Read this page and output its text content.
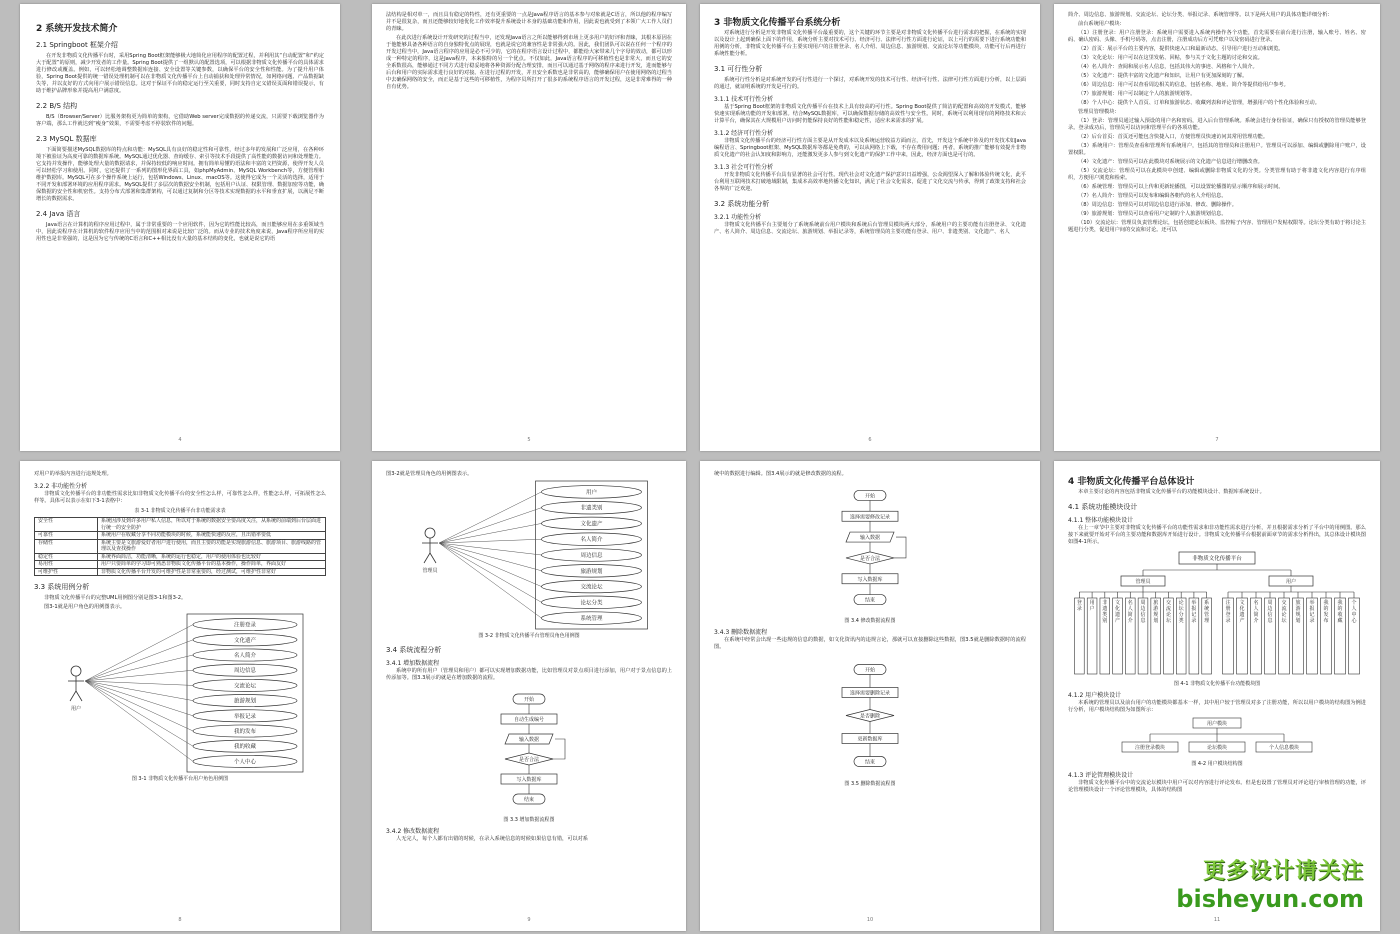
2 系统开发技术简介
2.1 Springboot 框架介绍
在开发非物质文化传播平台时，采用Spring Boot框架能够极大地简化应用程序的配置过程，并利用其“自动配置”和“约定大于配置”的原则，减少开发者的工作量。Spring Boot提供了一组默认的配置选项，可以根据非物质文化传播平台的具体需求进行修改或覆盖。例如，可以轻松地调整数据库连接、安全设置等关键参数，以确保平台的安全性和性能。为了提升用户体验，Spring Boot提供的统一错误处理机制可以在非物质文化传播平台上自动捕获和处理异常情况，如网络问题、产品数据缺失等，并以友好的方式向用户展示错误信息。这对于保证平台的稳定运行至关重要，同时支持自定义错误页面和错误提示，有助于维护品牌形象并提高用户满意度。
2.2 B/S 结构
B/S（Browser/Server）比服务架构更为简单的架构，它借助Web server完成数据的传递交流，只需要下载浏览器作为客户端，那么工作就达到“瘦身”效果，不需要考虑不停装软件的问题。
2.3 MySQL 数据库
下面简要描述MySQL数据库的特点和功能：MySQL具有良好的稳定性和可靠性，经过多年的发展和广泛应用，在各种环境下被验证为高度可靠的数据库系统。MySQL通过优化器、查询缓存、索引等技术手段提供了高性能的数据访问和处理能力。它支持并发操作，能够处理大量的数据请求，并保持较低的响应时间。拥有简单易懂的语法和丰富的文档资源，使得开发人员可以轻松学习和使用。同时，它还提供了一系列的图形化界面工具，如phpMyAdmin、MySQL Workbench等，方便管理和维护数据库。MySQL可在多个操作系统上运行，包括Windows、Linux、macOS等。这使得它成为一个灵活的选择，适用于不同开发和部署环境的应用程序需求。MySQL提供了多层次的数据安全机制，包括用户认证、权限管理、数据加密等功能，确保数据的安全性和机密性。支持分布式部署和集群架构，可以通过复制和分区等技术实现数据的水平和垂直扩展，以满足不断增长的数据需求。
2.4 Java 语言
Java语言在计算机的程序应用过程中，属于非常重要的一个应用软件，因为它的性能比较高，而且能够应用在多重领域当中，因此说程序在计算机的软件程序应用当中的范围相对来说是比较广泛的。而从专业的技术角度来说，Java程序所应用的实用性也是非常强的，这是因为它与传统的C语言和C++相比没有大量的基本结构的变化，也就是说它的语
4
法结构是相对单一，而且具有稳定的特性，还有更重要的一点是Java程序语言的基本参与对象就是C语言，所以他的程序编写并不是很复杂，而且还能够较好地优化工作效率提升系统设计本身的基础功能和作用，因此说也就受到了本领广大工作人员们的青睐。
在此次进行系统设计开发研究的过程当中，还发现Java语言之所以能够得到市场上更多用户的好评和青睐，其根本原因在于他能够具备各种语言的自身独特优点的展现，也就是说它的兼容性是非常强大的。因此，我们团队可以说在任何一个程序的开发过程当中，Java语言程序的应用是必不可少的，它的在程序语言设计过程中，都能给大家带来几个字母的效动，都可以形成一种特定的程序，这是Java程序，本来独特的另一个优点。不仅如此，Java语言程序的可移植性也是非常大，而且它的安全系数很高，能够通过不同方式进行稳妥地将各种资源分配合理安排，而且可以通过基于网络的程序来进行开发，进而能够与后台和用户的实际需求进行良好的对接。在进行过程的开发，并且安全系数也是非常高的，能够确保用户在使用网络的过程当中去确保网络的安全，而正是基于这些的可移植性，为程序员所打开了很多的系统程序语言的开发过程，这是非常难得的一种自有优势。
5
3 非物质文化传播平台系统分析
对系统进行分析是开发非物质文化传播平台最重要的，这个关键的环节主要是对非物质文化传播平台进行需求的把握，在系统的实现以及设计上起到确保上面下的作用，系统分析主要对技术可行、经济可行、法律可行性方面进行论证，以上可行的需要下进行系统功能和用例的分析，非物质文化传播平台主要实现用户的注册登录、名人介绍、周边信息、旅游规划、交流论坛等功能模块，功能可行后再进行系统性能分析。
3.1 可行性分析
系统可行性分析是对系统开发的可行性进行一个探讨，对系统开发的技术可行性、经济可行性、法律可行性方面进行分析，以上层面的通过，就证明系统的开发是可行的。
3.1.1 技术可行性分析
基于Spring Boot框架的非物质文化传播平台在技术上具有较高的可行性。Spring Boot提供了简洁的配置和高效的开发模式，能够快速实现系统功能的开发和部署。结合MySQL数据库，可以确保数据存储的高效性与安全性。同时，系统可以利用现有的网络技术和云计算平台，确保其在大规模用户访问时仍能保持良好的性能和稳定性，适应未来需求的扩展。
3.1.2 经济可行性分析
非物质文化传播平台的经济可行性方面主要是从开发成本以及系统运营收益方面而言，首先，开发这个系统中涉及的开发技术如Java编程语言、Springboot框架、MySQL数据库等都是免费的，可以从网络上下载，不存在费用问题；再者，系统的推广能够有效提升非物质文化遗产的社会认知度和影响力，还能激发更多人参与到文化遗产的保护工作中来，因此，经济方面也是可行的。
3.1.3 社会可行性分析
开发非物质文化传播平台具有显著的社会可行性。现代社会对文化遗产保护意识日益增强，公众渴望深入了解和体验传统文化，此平台利用互联网技术打破地域限制，集成本高效率地传播文化知识，满足了社会文化需求，促进了文化交流与传承，得到了政策支持和社会各界的广泛欢迎。
3.2 系统功能分析
3.2.1 功能性分析
非物质文化传播平台主要划分了系统系统前台用户模块和系统后台管理员模块两大部分，系统用户的主要功能有注册登录、文化遗产、名人简介、周边信息、交流论坛、旅游规划、举报记录等，系统管理员的主要功能有登录、用户、非遗类别、文化遗产、名人
6
简介、周边信息、旅游规划、交流论坛、论坛分类、举报记录、系统管理等。以下是两大用户的具体功能详细分析：
前台系统用户模块：
（1）注册登录：用户注册登录：系统用户需要进入系统内操作各个功能，首先需要在前台进行注册，输入账号、姓名、密码、确认密码、头像、手机号码等，点击注册，注册成功后方可凭账户以及密码进行登录。
（2）首页：展示平台的主要内容，提供快速入口和最新动态，引导用户进行互动和浏览。
（3）文化论坛：用户可以在这里发帖、回帖，参与关于文化主题的讨论和交流。
（4）名人简介：查阅和展示名人信息，包括其伟大的事迹、风格和个人简介。
（5）文化遗产：提供丰富的文化遗产和知识，让用户有更加深刻的了解。
（6）周边信息：用户可以查看周边相关的信息，包括名称、地址、简介等提供给用户参考。
（7）旅游规划：用户可以制定个人的旅游规划等。
（8）个人中心：提供个人首页、订单和旅游状态、收藏列表和评论管理，增强用户的个性化体验和互动。
管理员管理模块：
（1）登录：管理员通过输入预设的用户名和密码，进入后台管理系统。系统会进行身份验证，确保只有授权的管理员能够登录。登录成功后，管理员可以访问和管理平台的各项功能。
（2）后台首页：首页还可能包含快捷入口，方便管理员快速访问其常用管理功能。
（3）系统用户：管理员查看和管理所有系统用户，包括其的管理员和注册用户。管理员可以添加、编辑或删除用户账户，设置权限。
（4）文化遗产：管理员可以在此模块对系统展示的文化遗产信息进行增删改查。
（5）交流论坛：管理员可以在此模块中创建、编辑或删除非物质文化的分类。分类管理有助于将非遗文化内容进行有序组织，方便用户浏览和检索。
（6）系统管理：管理员可以上传和更新轮播图，可以设置轮播图的显示顺序和展示时间。
（7）名人简介：管理员可以发布和编辑各朝代的名人介绍信息。
（8）周边信息：管理员可以对周边信息进行添加、修改、删除操作。
（9）旅游规划：管理员可以查看用户定制的个人旅游规划信息。
（10）交流论坛：管理员负责管理论坛，包括创建论坛板块、监控帖子内容、管理用户发帖权限等。论坛分类有助于将讨论主题进行分类，促进用户间的交流和讨论。还可以
7
对用户的举报内容进行违规处理。
3.2.2 非功能性分析
非物质文化传播平台的非功能性需求比如非物质文化传播平台的安全性怎么样，可靠性怎么样，性能怎么样，可拓展性怎么样等。具体可以表示在如下3-1表格中：
表 3-1 非物质文化传播平台非功能需求表
安全性	系统因涉及到许多用户私人信息，所以对于系统的数据安全要高度关注，从系统的前端到后台层面进行统一的安全防护
可靠性	系统用户在收藏分享不同功能模块的时候，系统能快速的反应，且出错率要低
存储性	系统主要是文旅游爱好者用户进行使用，而且主要的功能是实现旅游信息、旅游项目、旅游线路的管理以及查找操作
稳定性	系统界面简洁，功能清晰，系统的运行也稳定，用户的使用体验也比较好
易用性	用户只要简单的学习即可熟悉非物质文化传播平台的基本操作，操作简单，界面友好
可维护性	非物质文化传播平台开发的可维护性是非常重要的，经过测试，可维护性非常好
3.3 系统用例分析
非物质文化传播平台的完整UML用例图分别是图3-1和图3-2。
图3-1就是用户角色的用例图表示。
用户
注册登录
文化遗产
名人简介
周边信息
交流论坛
旅游规划
举报记录
我的发布
我的收藏
个人中心
图 3-1 非物质文化传播平台用户角色用例图
8
图3-2就是管理员角色的用例图表示。
管理员
用户
非遗类别
文化遗产
名人简介
周边信息
旅游规划
交流论坛
论坛分类
系统管理
图 3-2 非物质文化传播平台管理员角色用例图
3.4 系统流程分析
3.4.1 增加数据流程
系统中的所有用户（管理员和用户）都可以实现增加数据功能，比如管理员对景点项目进行添加，用户对于景点信息的上传添加等。图3.3展示的就是在增加数据的流程。
开始
自动生成编号
输入数据
是否合法
写入数据库
结束
图 3.3 增加数据流程图
3.4.2 修改数据流程
人无完人，每个人都有出错的时候，在录入系统信息的时候如果信息有错，可以对系
9
统中的数据进行编辑。图3.4展示的就是修改数据的流程。
开始
选择需要修改记录
输入数据
是否合法
写入数据库
结束
图 3.4 修改数据流程图
3.4.3 删除数据流程
在系统中经常会出现一些违规的信息的数据，如文化资讯内的违规言论，那就可以直接删除这些数据，图3.5就是删除数据时的流程图。
开始
选择需要删除记录
是否删除
更新数据库
结束
图 3.5 删除数据流程图
10
4 非物质文化传播平台总体设计
本章主要讨论的内容包括非物质文化传播平台的功能模块设计、数据库系统设计。
4.1 系统功能模块设计
4.1.1 整体功能模块设计
在上一章节中主要对非物质文化传播平台的功能性需求和非功能性需求进行分析，并且根据需求分析了平台中的用例图。那么接下来就要开始对平台的主要功能和数据库开始进行设计。非物质文化传播平台根据前面章节的需求分析得出，其总体设计模块图如图4-1所示。
非物质文化传播平台
管理员
登录
用户
非遗类别
文化遗产
名人简介
周边信息
旅游规划
交流论坛
论坛分类
举报记录
系统管理
用户
注册登录
文化遗产
名人简介
周边信息
交流论坛
旅游规划
举报记录
我的发布
我的收藏
个人中心
图 4-1 非物质文化传播平台功能模块图
4.1.2 用户模块设计
本系统的管理员以及前台用户的功能模块都基本一样，其中用户较于管理员对多了注册功能，所以以用户模块的结构图为例进行分析，用户模块结构图为如图所示：
用户模块
注册登录模块	论坛模块	个人信息模块
图 4-2 用户模块结构图
4.1.3 评论管理模块设计
非物质文化传播平台中的交流论坛模块中用户可以对内容进行评论发布。但是也设置了管理员对评论进行审核管理的功能，评论管理模块设计一个评论管理模块，具体的结构图
11
更多设计请关注
bisheyun.com
